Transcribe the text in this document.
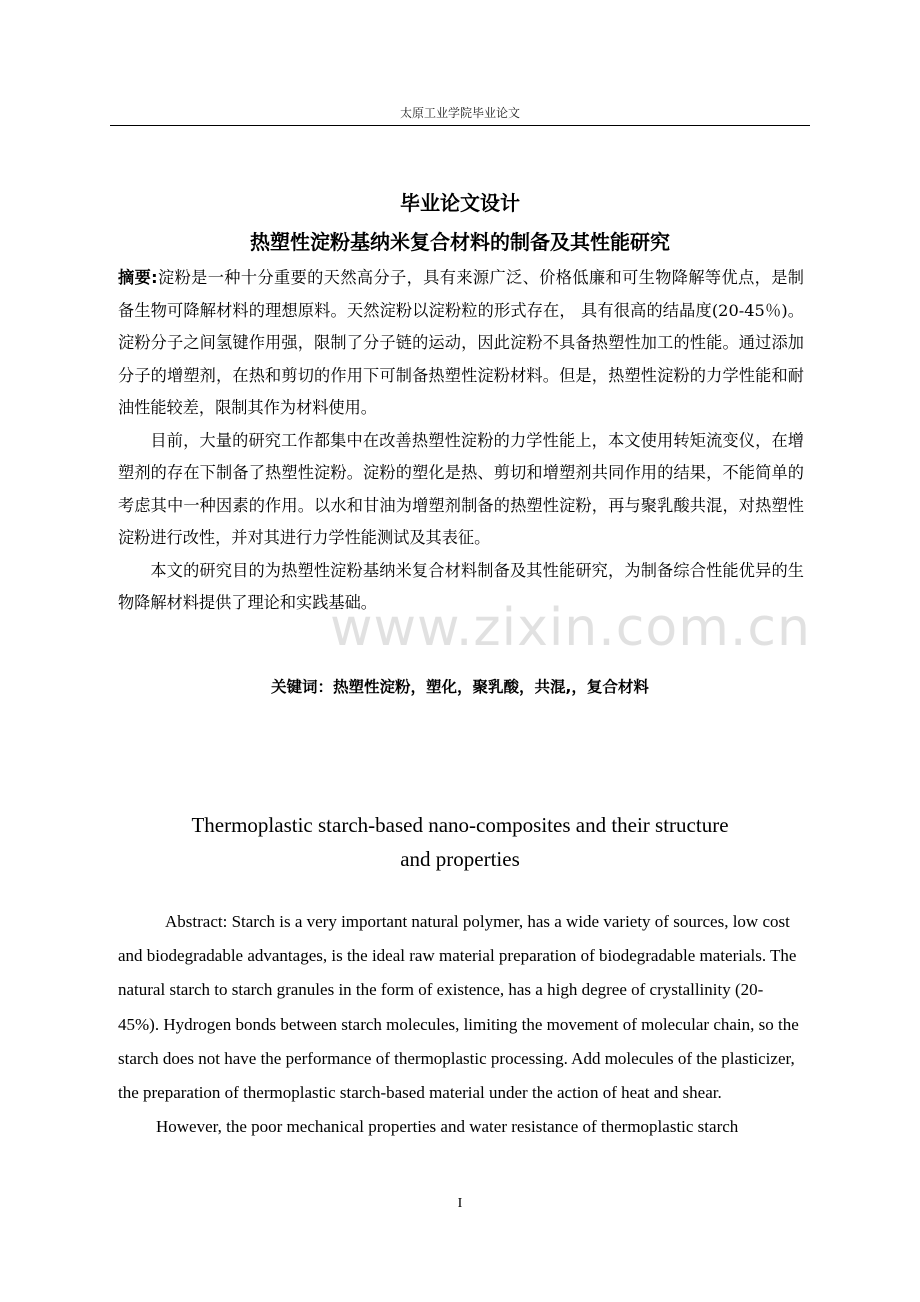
太原工业学院毕业论文
毕业论文设计
热塑性淀粉基纳米复合材料的制备及其性能研究

摘要:淀粉是一种十分重要的天然高分子，具有来源广泛、价格低廉和可生物降解等优点，是制备生物可降解材料的理想原料。天然淀粉以淀粉粒的形式存在， 具有很高的结晶度(20-45％)。淀粉分子之间氢键作用强，限制了分子链的运动，因此淀粉不具备热塑性加工的性能。通过添加分子的增塑剂，在热和剪切的作用下可制备热塑性淀粉材料。但是，热塑性淀粉的力学性能和耐油性能较差，限制其作为材料使用。

目前，大量的研究工作都集中在改善热塑性淀粉的力学性能上，本文使用转矩流变仪，在增塑剂的存在下制备了热塑性淀粉。淀粉的塑化是热、剪切和增塑剂共同作用的结果，不能简单的考虑其中一种因素的作用。以水和甘油为增塑剂制备的热塑性淀粉，再与聚乳酸共混，对热塑性淀粉进行改性，并对其进行力学性能测试及其表征。

本文的研究目的为热塑性淀粉基纳米复合材料制备及其性能研究，为制备综合性能优异的生物降解材料提供了理论和实践基础。

www.zixin.com.cn
关键词：热塑性淀粉，塑化，聚乳酸，共混,，复合材料
Thermoplastic starch-based nano-composites and their structure
and properties

Abstract: Starch is a very important natural polymer, has a wide variety of sources, low cost and biodegradable advantages, is the ideal raw material preparation of biodegradable materials. The natural starch to starch granules in the form of existence, has a high degree of crystallinity (20-45%). Hydrogen bonds between starch molecules, limiting the movement of molecular chain, so the starch does not have the performance of thermoplastic processing. Add molecules of the plasticizer, the preparation of thermoplastic starch-based material under the action of heat and shear.

However, the poor mechanical properties and water resistance of thermoplastic starch

I
